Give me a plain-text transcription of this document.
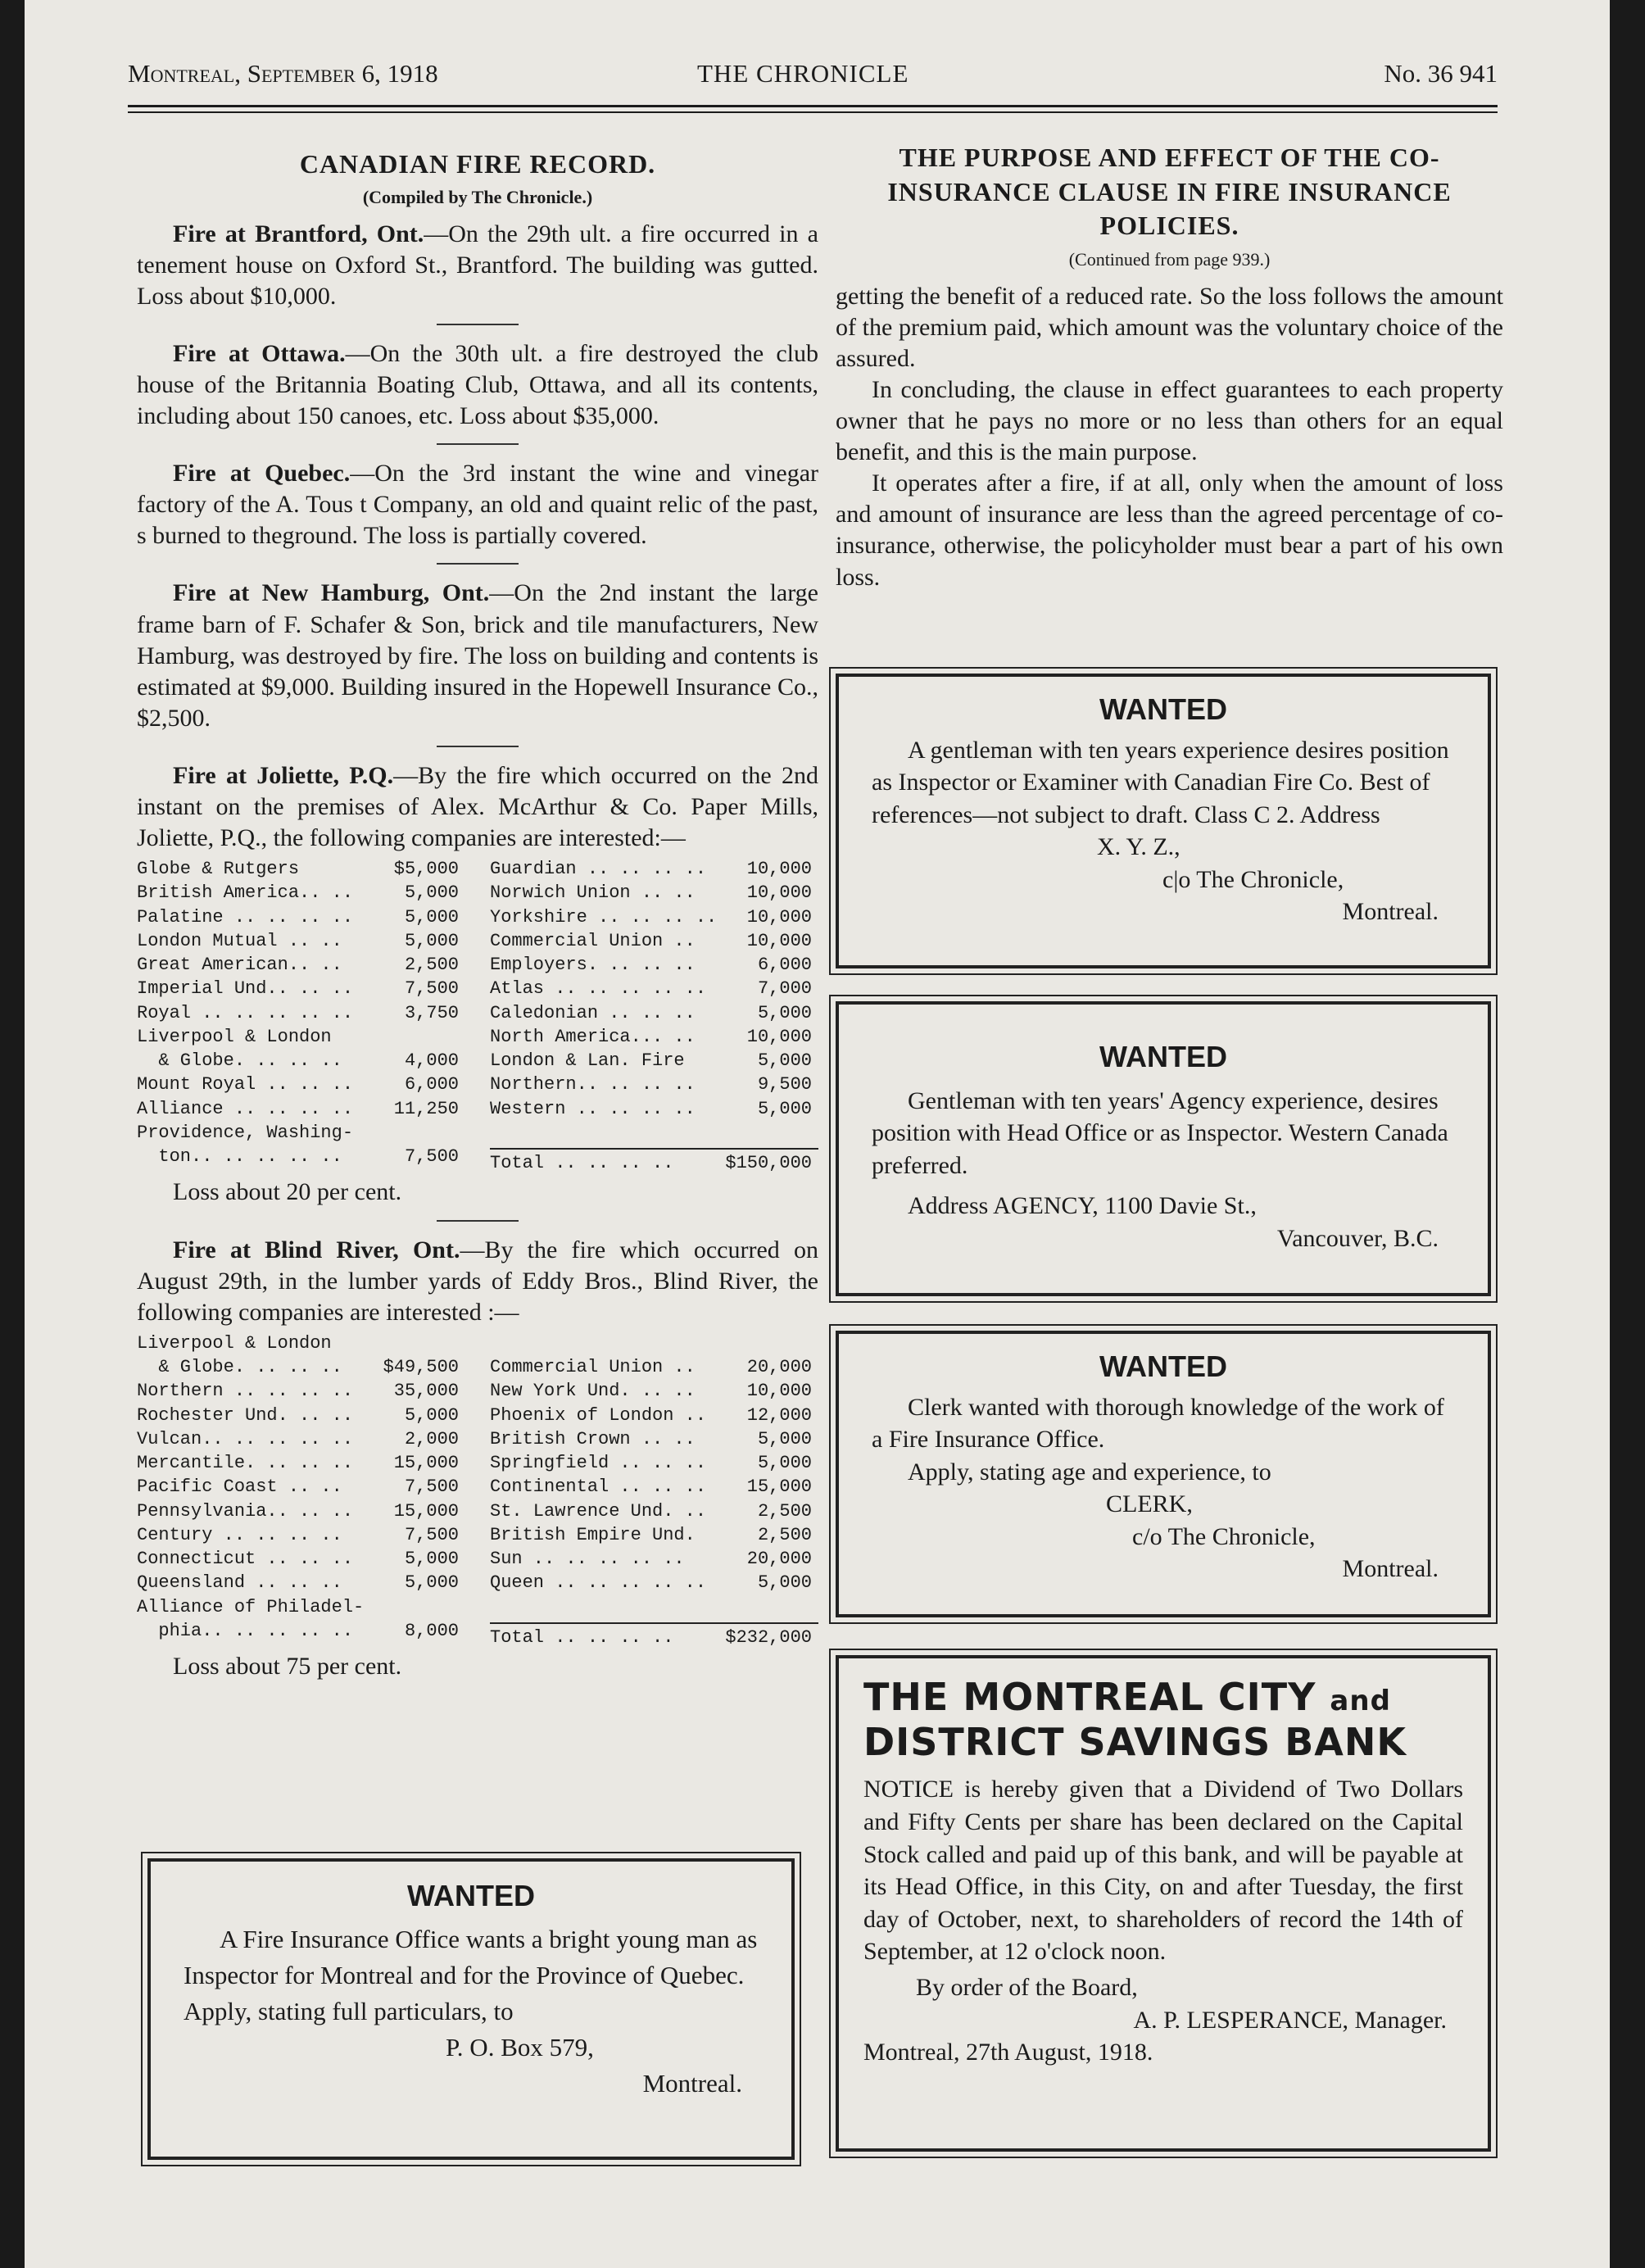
Montreal, September 6, 1918	THE CHRONICLE	No. 36 941
CANADIAN FIRE RECORD.
(Compiled by The Chronicle.)

Fire at Brantford, Ont.—On the 29th ult. a fire occurred in a tenement house on Oxford St., Brantford. The building was gutted. Loss about $10,000.

Fire at Ottawa.—On the 30th ult. a fire destroyed the club house of the Britannia Boating Club, Ottawa, and all its contents, including about 150 canoes, etc. Loss about $35,000.

Fire at Quebec.—On the 3rd instant the wine and vinegar factory of the A. Tous t Company, an old and quaint relic of the past, s burned to theground. The loss is partially covered.

Fire at New Hamburg, Ont.—On the 2nd instant the large frame barn of F. Schafer & Son, brick and tile manufacturers, New Hamburg, was destroyed by fire. The loss on building and contents is estimated at $9,000. Building insured in the Hopewell Insurance Co., $2,500.

Fire at Joliette, P.Q.—By the fire which occurred on the 2nd instant on the premises of Alex. McArthur & Co. Paper Mills, Joliette, P.Q., the following companies are interested:—

Globe & Rutgers	$5,000
British America.. ..	5,000
Palatine .. .. .. ..	5,000
London Mutual .. ..	5,000
Great American.. ..	2,500
Imperial Und.. .. ..	7,500
Royal .. .. .. .. ..	3,750
Liverpool & London
& Globe. .. .. ..	4,000
Mount Royal .. .. ..	6,000
Alliance .. .. .. .. 11,250
Providence, Washing-
ton.. .. .. .. ..	7,500
Guardian .. .. .. .. 10,000
Norwich Union .. ..	10,000
Yorkshire .. .. .. .. 10,000
Commercial Union ..	10,000
Employers. .. .. ..	6,000
Atlas .. .. .. .. ..	7,000
Caledonian .. .. ..	5,000
North America... ..	10,000
London & Lan. Fire	5,000
Northern.. .. .. ..	9,500
Western .. .. .. ..	5,000

Total .. .. .. ..	$150,000
Loss about 20 per cent.

Fire at Blind River, Ont.—By the fire which occurred on August 29th, in the lumber yards of Eddy Bros., Blind River, the following companies are interested :—

Liverpool & London
& Globe. .. .. .. $49,500
Northern .. .. .. .. 35,000
Rochester Und. .. ..	5,000
Vulcan.. .. .. .. ..	2,000
Mercantile. .. .. .. 15,000
Pacific Coast .. ..	7,500
Pennsylvania.. .. .. 15,000
Century .. .. .. ..	7,500
Connecticut .. .. ..	5,000
Queensland .. .. ..	5,000
Alliance of Philadel-
phia.. .. .. .. ..	8,000

Commercial Union ..	20,000
New York Und. .. ..	10,000
Phoenix of London .. 12,000
British Crown .. ..	5,000
Springfield .. .. ..	5,000
Continental .. .. .. 15,000
St. Lawrence Und. ..	2,500
British Empire Und.	2,500
Sun .. .. .. .. ..	20,000
Queen .. .. .. .. ..	5,000

Total .. .. .. ..	$232,000
Loss about 75 per cent.
THE PURPOSE AND EFFECT OF THE CO-INSURANCE CLAUSE IN FIRE INSURANCE POLICIES.
(Continued from page 939.)

getting the benefit of a reduced rate. So the loss follows the amount of the premium paid, which amount was the voluntary choice of the assured.

In concluding, the clause in effect guarantees to each property owner that he pays no more or no less than others for an equal benefit, and this is the main purpose.

It operates after a fire, if at all, only when the amount of loss and amount of insurance are less than the agreed percentage of co-insurance, otherwise, the policyholder must bear a part of his own loss.

WANTED

A gentleman with ten years experience desires position as Inspector or Examiner with Canadian Fire Co. Best of references—not subject to draft. Class C 2. Address

X. Y. Z.,

c|o The Chronicle,

Montreal.

WANTED

Gentleman with ten years' Agency experience, desires position with Head Office or as Inspector. Western Canada preferred.

Address AGENCY, 1100 Davie St.,

Vancouver, B.C.

WANTED

Clerk wanted with thorough knowledge of the work of a Fire Insurance Office.

Apply, stating age and experience, to

CLERK,

c/o The Chronicle,

Montreal.

WANTED

A Fire Insurance Office wants a bright young man as Inspector for Montreal and for the Province of Quebec. Apply, stating full particulars, to

P. O. Box 579,

Montreal.

THE MONTREAL CITY and
DISTRICT SAVINGS BANK

NOTICE is hereby given that a Dividend of Two Dollars and Fifty Cents per share has been declared on the Capital Stock called and paid up of this bank, and will be payable at its Head Office, in this City, on and after Tuesday, the first day of October, next, to shareholders of record the 14th of September, at 12 o'clock noon.

By order of the Board,

A. P. LESPERANCE, Manager.

Montreal, 27th August, 1918.
